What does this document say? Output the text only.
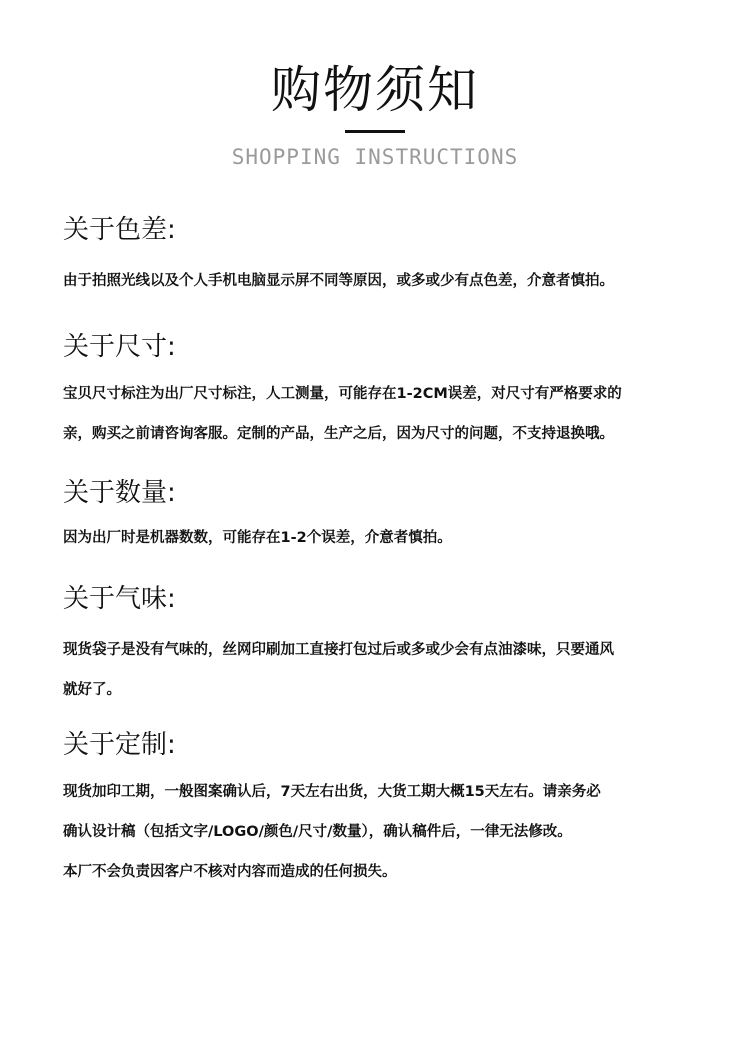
购物须知
SHOPPING INSTRUCTIONS
关于色差:

由于拍照光线以及个人手机电脑显示屏不同等原因，或多或少有点色差，介意者慎拍。

关于尺寸:

宝贝尺寸标注为出厂尺寸标注，人工测量，可能存在1-2CM误差，对尺寸有严格要求的

亲，购买之前请咨询客服。定制的产品，生产之后，因为尺寸的问题，不支持退换哦。

关于数量:

因为出厂时是机器数数，可能存在1-2个误差，介意者慎拍。

关于气味:

现货袋子是没有气味的，丝网印刷加工直接打包过后或多或少会有点油漆味，只要通风

就好了。

关于定制:

现货加印工期，一般图案确认后，7天左右出货，大货工期大概15天左右。请亲务必

确认设计稿（包括文字/LOGO/颜色/尺寸/数量），确认稿件后，一律无法修改。

本厂不会负责因客户不核对内容而造成的任何损失。
